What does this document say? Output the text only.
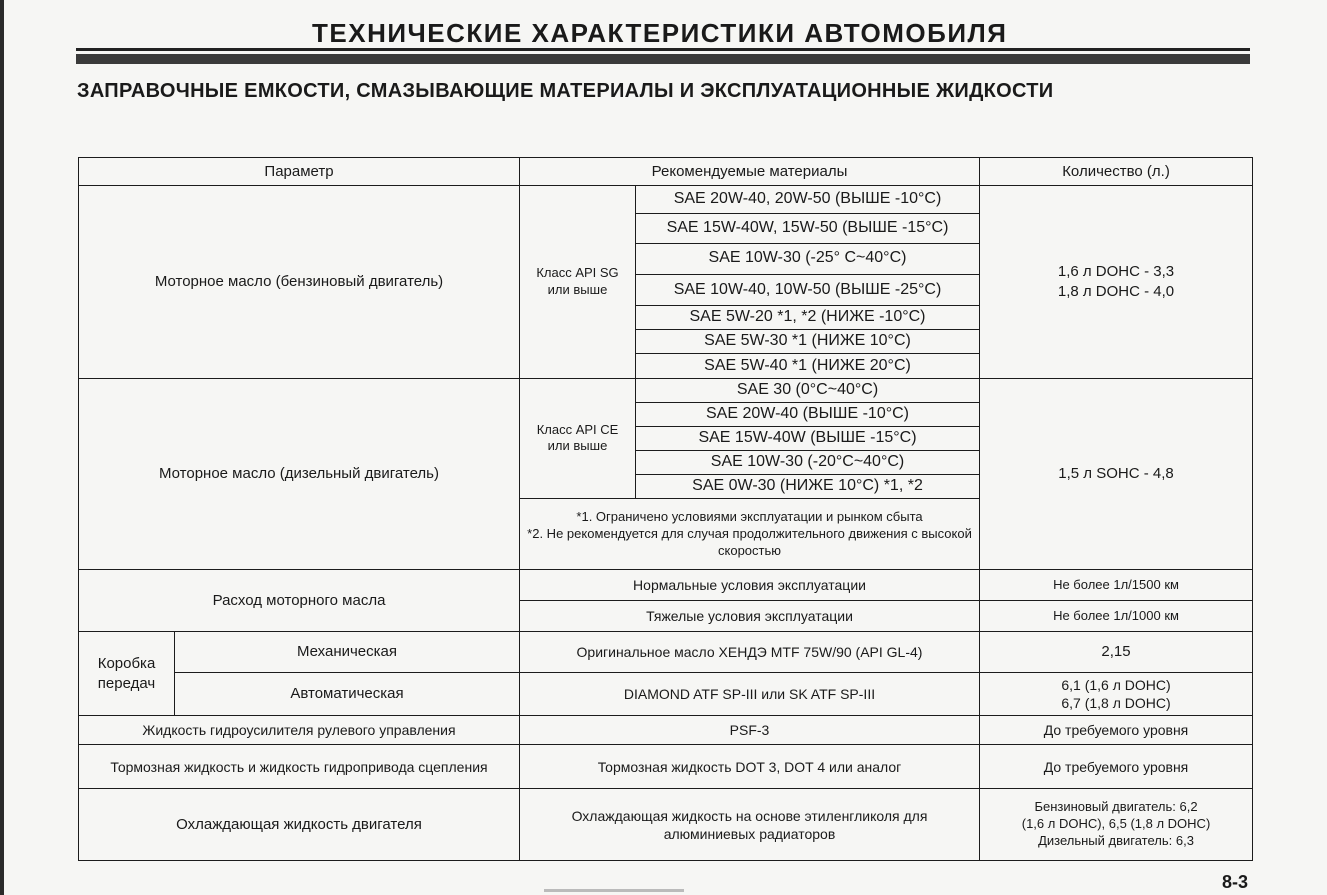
ТЕХНИЧЕСКИЕ ХАРАКТЕРИСТИКИ АВТОМОБИЛЯ
ЗАПРАВОЧНЫЕ ЕМКОСТИ, СМАЗЫВАЮЩИЕ МАТЕРИАЛЫ И ЭКСПЛУАТАЦИОННЫЕ ЖИДКОСТИ
Параметр		Рекомендуемые материалы		Количество (л.)
Моторное масло (бензиновый двигатель)		Класс API SG или выше	SAE 20W-40, 20W-50 (ВЫШЕ -10°С)	1,6 л DOHC - 3,3
1,8 л DOHC - 4,0

			SAE 15W-40W, 15W-50 (ВЫШЕ -15°С)	
			SAE 10W-30 (-25° С~40°С)	
			SAE 10W-40, 10W-50 (ВЫШЕ -25°С)	
			SAE 5W-20 *1, *2 (НИЖЕ -10°С)	
			SAE 5W-30 *1 (НИЖЕ 10°С)	
			SAE 5W-40 *1 (НИЖЕ 20°С)	
Моторное масло (дизельный двигатель)		Класс API CE или выше	SAE 30 (0°С~40°С)	1,5 л SOHC - 4,8
			SAE 20W-40 (ВЫШЕ -10°С)	
			SAE 15W-40W (ВЫШЕ -15°С)	
			SAE 10W-30 (-20°С~40°С)	
			SAE 0W-30 (НИЖЕ 10°С) *1, *2	

		*1. Ограничено условиями эксплуатации и рынком сбыта
*2. Не рекомендуется для случая продолжительного движения с высокой скоростью		

Расход моторного масла		Нормальные условия эксплуатации		Не более 1л/1500 км
		Тяжелые условия эксплуатации		Не более 1л/1000 км
Коробка передач	Механическая	Оригинальное масло ХЕНДЭ MTF 75W/90 (API GL-4)		2,15
	Автоматическая	DIAMOND ATF SP-III или SK ATF SP-III		6,1 (1,6 л DOHC)
6,7 (1,8 л DOHC)

Жидкость гидроусилителя рулевого управления		PSF-3		До требуемого уровня
Тормозная жидкость и жидкость гидропривода сцепления		Тормозная жидкость DOT 3, DOT 4 или аналог		До требуемого уровня
Охлаждающая жидкость двигателя		Охлаждающая жидкость на основе этиленгликоля для алюминиевых радиаторов		Бензиновый двигатель: 6,2
(1,6 л DOHC), 6,5 (1,8 л DOHC)
Дизельный двигатель: 6,3
8-3
